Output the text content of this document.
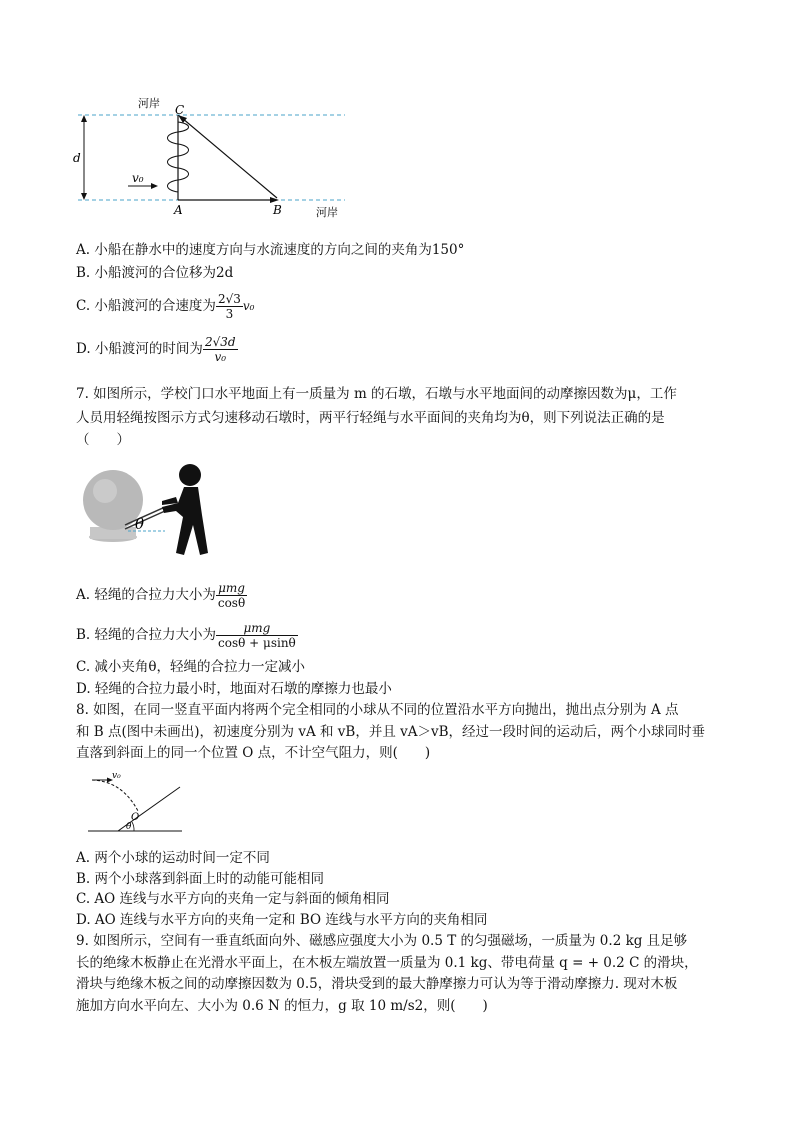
河岸 C
d
v₀
A	B	河岸
A. 小船在静水中的速度方向与水流速度的方向之间的夹角为150°
B. 小船渡河的合位移为2d
C. 小船渡河的合速度为 $\frac{2√3}{3} v_0$
D. 小船渡河的时间为 $\frac{2√3d}{\text{v₀}}$
7. 如图所示，学校门口水平地面上有一质量为 m 的石墩，石墩与水平地面间的动摩擦因数为μ，工作
人员用轻绳按图示方式匀速移动石墩时，两平行轻绳与水平面间的夹角均为θ，则下列说法正确的是
（　　）
θ
A. 轻绳的合拉力大小为 $\frac{\text{μmg}}{\cos\theta}$
B. 轻绳的合拉力大小为 $\frac{\text{μmg}}{\cos\theta + \mu\sin\theta}$
C. 减小夹角θ，轻绳的合拉力一定减小
D. 轻绳的合拉力最小时，地面对石墩的摩擦力也最小
8. 如图，在同一竖直平面内将两个完全相同的小球从不同的位置沿水平方向抛出，抛出点分别为 A 点
和 B 点(图中未画出)，初速度分别为 vA 和 vB，并且 vA＞vB，经过一段时间的运动后，两个小球同时垂
直落到斜面上的同一个位置 O 点，不计空气阻力，则(　　)
v₀
O
θ
A. 两个小球的运动时间一定不同
B. 两个小球落到斜面上时的动能可能相同
C. AO 连线与水平方向的夹角一定与斜面的倾角相同
D. AO 连线与水平方向的夹角一定和 BO 连线与水平方向的夹角相同
9. 如图所示，空间有一垂直纸面向外、磁感应强度大小为 0.5 T 的匀强磁场，一质量为 0.2 kg 且足够
长的绝缘木板静止在光滑水平面上，在木板左端放置一质量为 0.1 kg、带电荷量 q = + 0.2 C 的滑块，
滑块与绝缘木板之间的动摩擦因数为 0.5，滑块受到的最大静摩擦力可认为等于滑动摩擦力. 现对木板
施加方向水平向左、大小为 0.6 N 的恒力，g 取 10 m/s2，则(　　)
